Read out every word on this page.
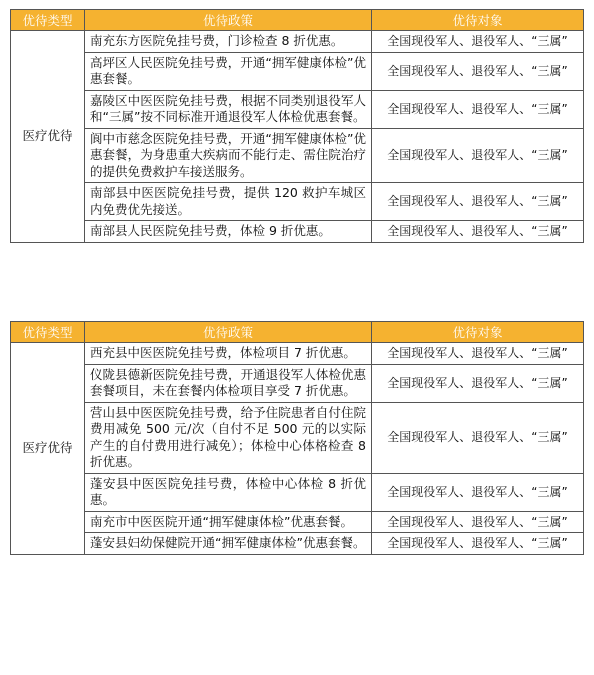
优待类型	优待政策	优待对象
医疗优待	南充东方医院免挂号费，门诊检查 8 折优惠。	全国现役军人、退役军人、“三属”
	高坪区人民医院免挂号费，开通“拥军健康体检”优惠套餐。	全国现役军人、退役军人、“三属”
	嘉陵区中医医院免挂号费，根据不同类别退役军人和“三属”按不同标准开通退役军人体检优惠套餐。	全国现役军人、退役军人、“三属”
	阆中市慈念医院免挂号费，开通“拥军健康体检”优惠套餐，为身患重大疾病而不能行走、需住院治疗的提供免费救护车接送服务。	全国现役军人、退役军人、“三属”
	南部县中医医院免挂号费，提供 120 救护车城区内免费优先接送。	全国现役军人、退役军人、“三属”
	南部县人民医院免挂号费，体检 9 折优惠。	全国现役军人、退役军人、“三属”
优待类型	优待政策	优待对象
医疗优待	西充县中医医院免挂号费，体检项目 7 折优惠。	全国现役军人、退役军人、“三属”
	仪陇县德新医院免挂号费，开通退役军人体检优惠套餐项目，未在套餐内体检项目享受 7 折优惠。	全国现役军人、退役军人、“三属”
	营山县中医医院免挂号费，给予住院患者自付住院费用减免 500 元/次（自付不足 500 元的以实际产生的自付费用进行减免）；体检中心体格检查 8 折优惠。	全国现役军人、退役军人、“三属”
	蓬安县中医医院免挂号费，体检中心体检 8 折优惠。	全国现役军人、退役军人、“三属”
	南充市中医医院开通“拥军健康体检”优惠套餐。	全国现役军人、退役军人、“三属”
	蓬安县妇幼保健院开通“拥军健康体检”优惠套餐。	全国现役军人、退役军人、“三属”
